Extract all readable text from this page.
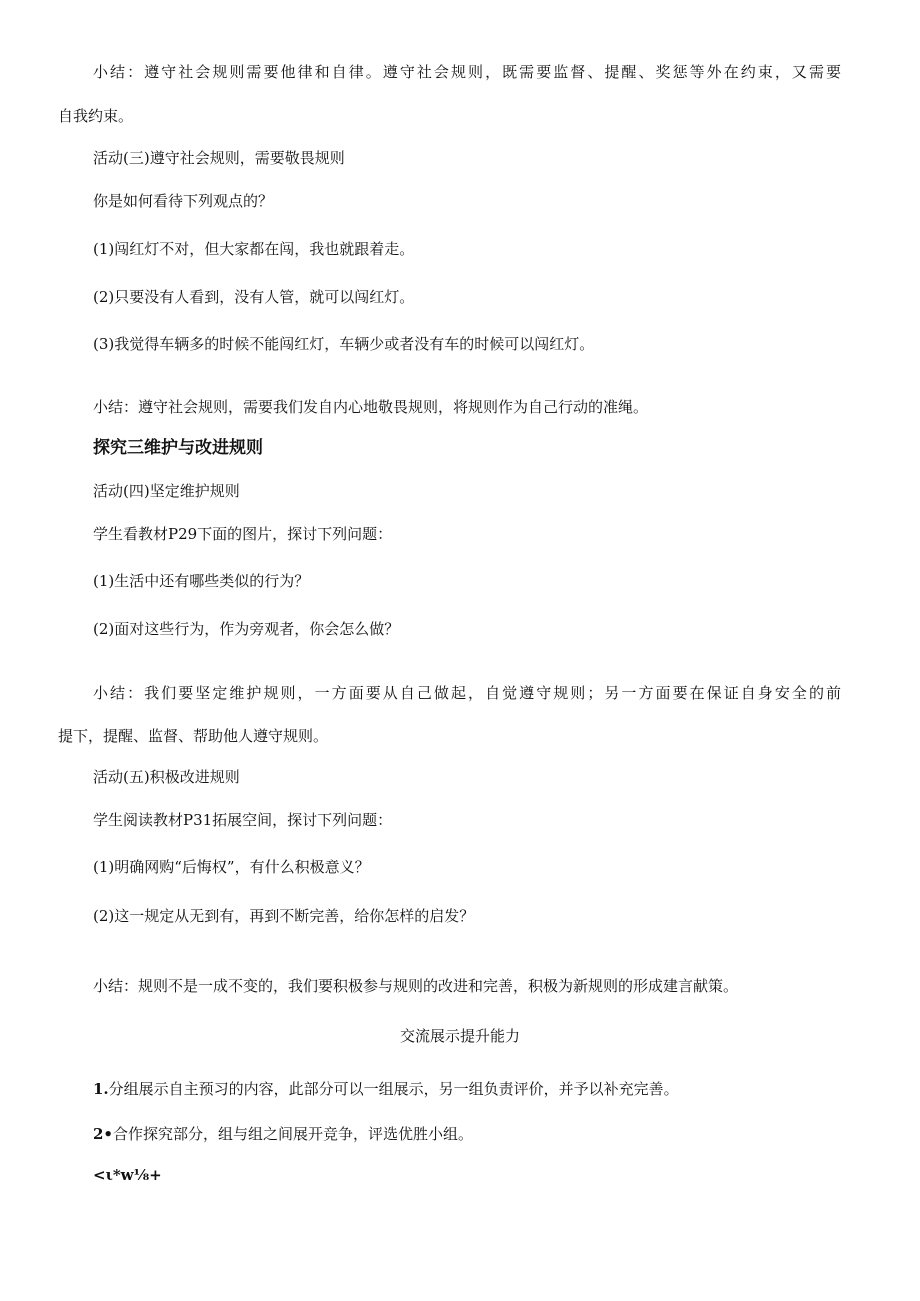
小结：遵守社会规则需要他律和自律。遵守社会规则，既需要监督、提醒、奖惩等外在约束，又需要
自我约束。
活动(三)遵守社会规则，需要敬畏规则
你是如何看待下列观点的？
(1)闯红灯不对，但大家都在闯，我也就跟着走。
(2)只要没有人看到，没有人管，就可以闯红灯。
(3)我觉得车辆多的时候不能闯红灯，车辆少或者没有车的时候可以闯红灯。
小结：遵守社会规则，需要我们发自内心地敬畏规则，将规则作为自己行动的准绳。
探究三维护与改进规则
活动(四)坚定维护规则
学生看教材P29下面的图片，探讨下列问题：
(1)生活中还有哪些类似的行为？
(2)面对这些行为，作为旁观者，你会怎么做？
小结：我们要坚定维护规则，一方面要从自己做起，自觉遵守规则；另一方面要在保证自身安全的前
提下，提醒、监督、帮助他人遵守规则。
活动(五)积极改进规则
学生阅读教材P31拓展空间，探讨下列问题：
(1)明确网购“后悔权”，有什么积极意义？
(2)这一规定从无到有，再到不断完善，给你怎样的启发？
小结：规则不是一成不变的，我们要积极参与规则的改进和完善，积极为新规则的形成建言献策。
交流展示提升能力
1.分组展示自主预习的内容，此部分可以一组展示，另一组负责评价，并予以补充完善。
2•合作探究部分，组与组之间展开竞争，评选优胜小组。
<ι*w⅛+
